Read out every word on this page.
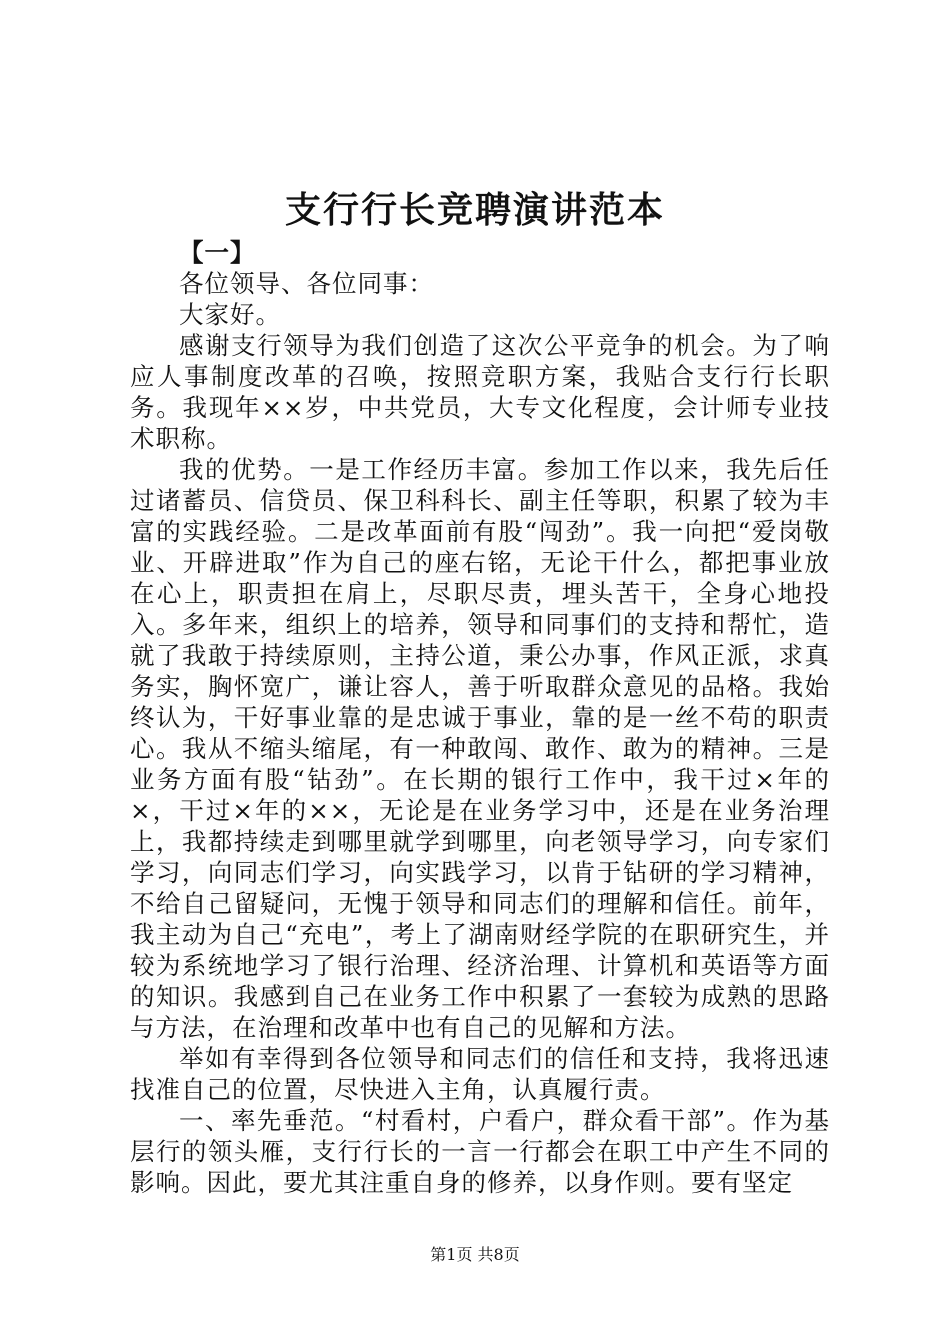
支行行长竞聘演讲范本

【一】

各位领导、各位同事：

大家好。

感谢支行领导为我们创造了这次公平竞争的机会。为了响应人事制度改革的召唤，按照竞职方案，我贴合支行行长职务。我现年××岁，中共党员，大专文化程度，会计师专业技术职称。

我的优势。一是工作经历丰富。参加工作以来，我先后任过诸蓄员、信贷员、保卫科科长、副主任等职，积累了较为丰富的实践经验。二是改革面前有股“闯劲”。我一向把“爱岗敬业、开辟进取”作为自己的座右铭，无论干什么，都把事业放在心上，职责担在肩上，尽职尽责，埋头苦干，全身心地投入。多年来，组织上的培养，领导和同事们的支持和帮忙，造就了我敢于持续原则，主持公道，秉公办事，作风正派，求真务实，胸怀宽广，谦让容人，善于听取群众意见的品格。我始终认为，干好事业靠的是忠诚于事业，靠的是一丝不苟的职责心。我从不缩头缩尾，有一种敢闯、敢作、敢为的精神。三是业务方面有股“钻劲”。在长期的银行工作中，我干过×年的×，干过×年的××，无论是在业务学习中，还是在业务治理上，我都持续走到哪里就学到哪里，向老领导学习，向专家们学习，向同志们学习，向实践学习，以肯于钻研的学习精神，不给自己留疑问，无愧于领导和同志们的理解和信任。前年，我主动为自己“充电”，考上了湖南财经学院的在职研究生，并较为系统地学习了银行治理、经济治理、计算机和英语等方面的知识。我感到自己在业务工作中积累了一套较为成熟的思路与方法，在治理和改革中也有自己的见解和方法。

举如有幸得到各位领导和同志们的信任和支持，我将迅速找准自己的位置，尽快进入主角，认真履行责。

一、率先垂范。“村看村，户看户，群众看干部”。作为基层行的领头雁，支行行长的一言一行都会在职工中产生不同的影响。因此，要尤其注重自身的修养，以身作则。要有坚定

第1页 共8页
